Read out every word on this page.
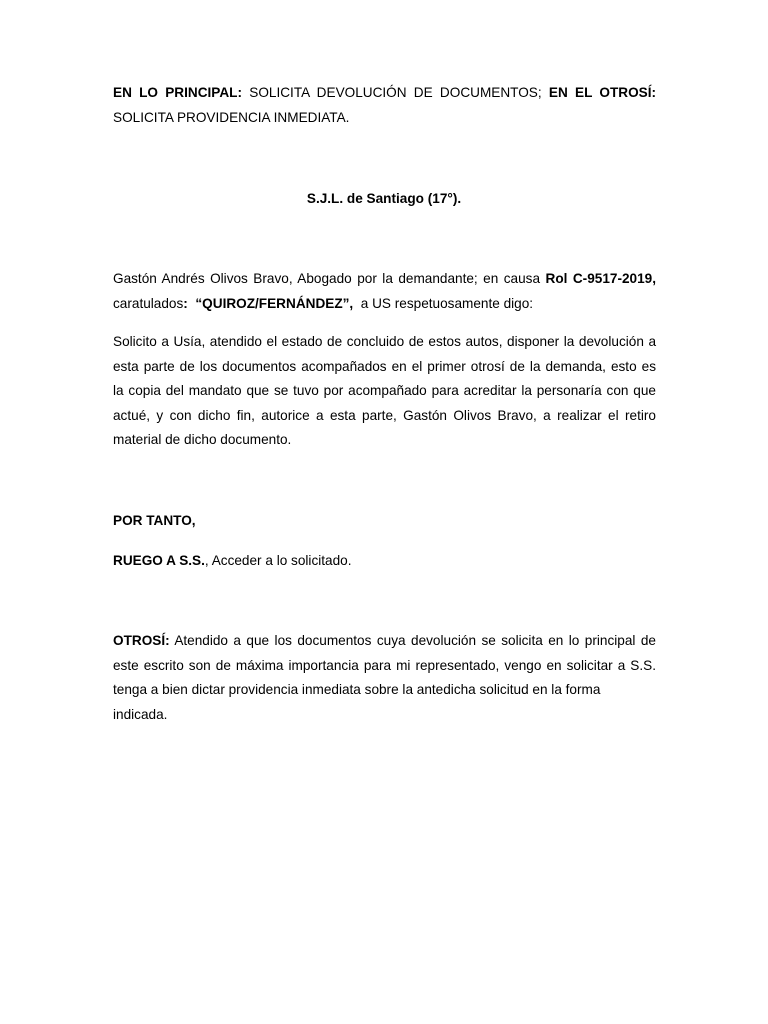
EN LO PRINCIPAL: SOLICITA DEVOLUCIÓN DE DOCUMENTOS; EN EL OTROSÍ:
SOLICITA PROVIDENCIA INMEDIATA.
S.J.L. de Santiago (17°).
Gastón Andrés Olivos Bravo, Abogado por la demandante; en causa Rol C-9517-2019,
caratulados: “QUIROZ/FERNÁNDEZ”, a US respetuosamente digo:
Solicito a Usía, atendido el estado de concluido de estos autos, disponer la devolución a
esta parte de los documentos acompañados en el primer otrosí de la demanda, esto es
la copia del mandato que se tuvo por acompañado para acreditar la personaría con que
actué, y con dicho fin, autorice a esta parte, Gastón Olivos Bravo, a realizar el retiro
material de dicho documento.
POR TANTO,
RUEGO A S.S., Acceder a lo solicitado.
OTROSÍ: Atendido a que los documentos cuya devolución se solicita en lo principal de
este escrito son de máxima importancia para mi representado, vengo en solicitar a S.S.
tenga a bien dictar providencia inmediata sobre la antedicha solicitud en la forma indicada.
